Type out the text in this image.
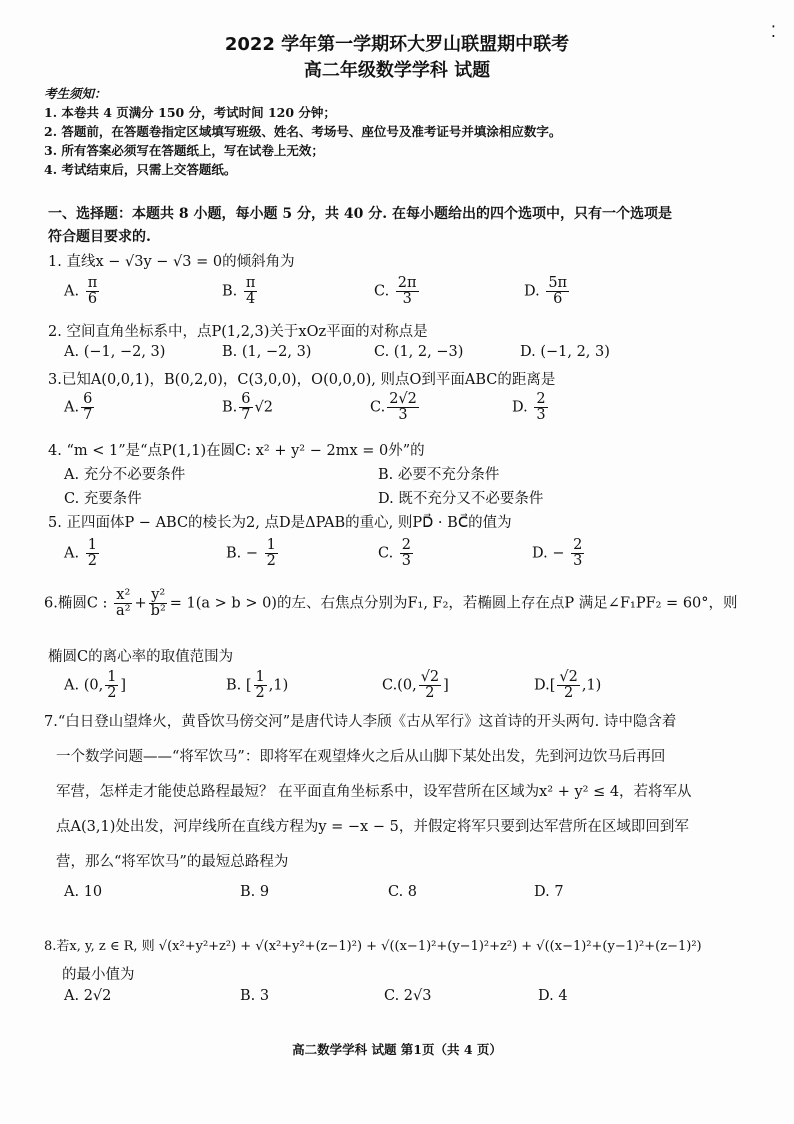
2022 学年第一学期环大罗山联盟期中联考
高二年级数学学科 试题
⁚
考生须知：
1. 本卷共 4 页满分 150 分，考试时间 120 分钟；
2. 答题前，在答题卷指定区域填写班级、姓名、考场号、座位号及准考证号并填涂相应数字。
3. 所有答案必须写在答题纸上，写在试卷上无效；
4. 考试结束后，只需上交答题纸。
一、选择题：本题共 8 小题，每小题 5 分，共 40 分. 在每小题给出的四个选项中，只有一个选项是
符合题目要求的.
1. 直线x − √3y − √3 = 0的倾斜角为
A. $\frac{\pi}{6}$	B. $\frac{\pi}{4}$	C. $\frac{2\pi}{3}$	D. $\frac{5\pi}{6}$
2. 空间直角坐标系中，点P(1,2,3)关于xOz平面的对称点是
A. (−1, −2, 3)	B. (1, −2, 3)	C. (1, 2, −3)	D. (−1, 2, 3)
3.已知A(0,0,1)，B(0,2,0)，C(3,0,0)，O(0,0,0), 则点O到平面ABC的距离是
A. $\frac{6}{7}$	B. $\frac{6}{7} √2$	C. $\frac{2√2}{3}$	D. $\frac{2}{3}$
4. “m < 1”是“点P(1,1)在圆C: x² + y² − 2mx = 0外”的
A. 充分不必要条件	B. 必要不充分条件
C. 充要条件	D. 既不充分又不必要条件
5. 正四面体P − ABC的棱长为2, 点D是ΔPAB的重心, 则PD⃗ · BC⃗的值为
A. $\frac{1}{2}$	B. − $\frac{1}{2}$	C. $\frac{2}{3}$	D. − $\frac{2}{3}$
6.椭圆C : $\frac{\text{x²}}{\text{a²}} + \frac{\text{y²}}{\text{b²}} = 1(a > b > 0)$的左、右焦点分别为F₁, F₂，若椭圆上存在点P 满足∠F₁PF₂ = 60°，则
椭圆C的离心率的取值范围为
A. (0, $\frac{1}{2}$ ]	B. [ $\frac{1}{2} ,1$)	C.(0, $\frac{√2}{2}$ ]	$D.[ \frac{√2}{2} ,1)$
7.“白日登山望烽火，黄昏饮马傍交河”是唐代诗人李颀《古从军行》这首诗的开头两句. 诗中隐含着
一个数学问题——“将军饮马”：即将军在观望烽火之后从山脚下某处出发，先到河边饮马后再回
军营，怎样走才能使总路程最短？ 在平面直角坐标系中，设军营所在区域为x² + y² ≤ 4，若将军从
点A(3,1)处出发，河岸线所在直线方程为y = −x − 5，并假定将军只要到达军营所在区域即回到军
营，那么“将军饮马”的最短总路程为
A. 10	B. 9	C. 8	D. 7
8.若x, y, z ∈ R, 则 √(x²+y²+z²) + √(x²+y²+(z−1)²) + √((x−1)²+(y−1)²+z²) + √((x−1)²+(y−1)²+(z−1)²)
的最小值为
A. 2√2	B. 3	C. 2√3	D. 4
高二数学学科 试题 第1页（共 4 页）
